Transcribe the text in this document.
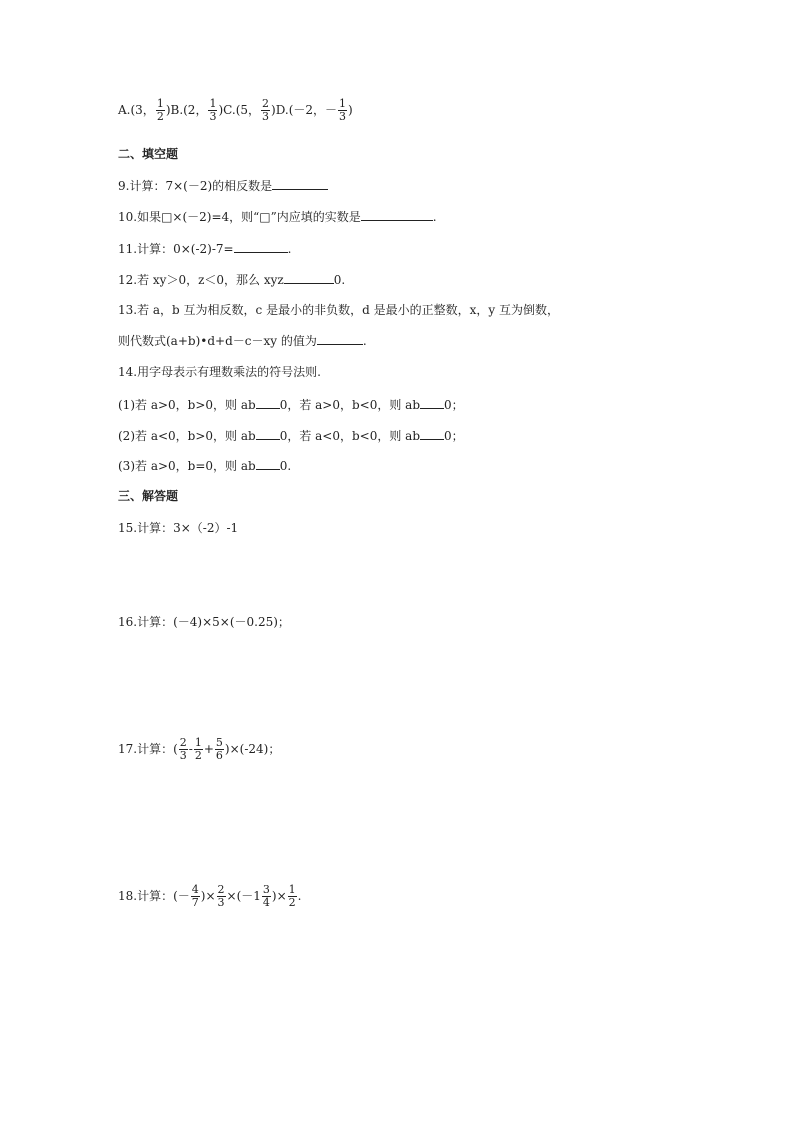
A.(3， $\frac{1}{2} )B.(2$， $\frac{1}{3} )C.(5$， $\frac{2}{3} )D.(-2$，－ $\frac{1}{3}$ )
二、填空题
9.计算：7×(－2)的相反数是
10.如果□×(－2)=4，则“□”内应填的实数是	.
11.计算：0×(-2)-7=	.
12.若 xy＞0，z＜0，那么 xyz	0.
13.若 a，b 互为相反数，c 是最小的非负数，d 是最小的正整数，x，y 互为倒数，
则代数式(a+b)•d+d－c－xy 的值为	.
14.用字母表示有理数乘法的符号法则.
(1)若 a>0，b>0，则 ab 0，若 a>0，b<0，则 ab 0；
(2)若 a<0，b>0，则 ab 0，若 a<0，b<0，则 ab 0；
(3)若 a>0，b=0，则 ab 0.
三、解答题
15.计算：3×（-2）-1
16.计算：(－4)×5×(－0.25)；
17.计算：( $\frac{2}{3} - \frac{1}{2} + \frac{5}{6} )\times(-24)$；
18.计算：(－ $\frac{4}{7}$ )× $\frac{2}{3} \times(-1 \frac{3}{4}$ )× $\frac{1}{2}$ .
